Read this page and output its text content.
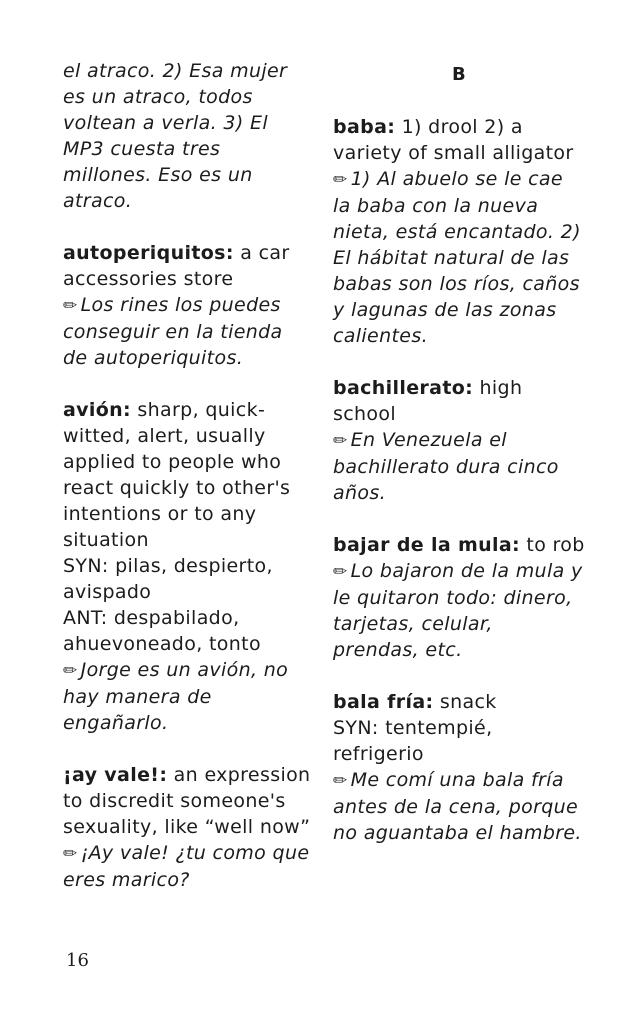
el atraco. 2) Esa mujer es un atraco, todos voltean a verla. 3) El MP3 cuesta tres millones. Eso es un atraco.

autoperiquitos: a car accessories store

✏ Los rines los puedes conseguir en la tienda de autoperiquitos.

avión: sharp, quick-witted, alert, usually applied to people who react quickly to other's intentions or to any situation

SYN: pilas, despierto, avispado

ANT: despabilado, ahuevoneado, tonto

✏ Jorge es un avión, no hay manera de engañarlo.

¡ay vale!: an expression to discredit someone's sexuality, like “well now”

✏ ¡Ay vale! ¿tu como que eres marico?

B

baba: 1) drool 2) a variety of small alligator

✏ 1) Al abuelo se le cae la baba con la nueva nieta, está encantado. 2) El hábitat natural de las babas son los ríos, caños y lagunas de las zonas calientes.

bachillerato: high school

✏ En Venezuela el bachillerato dura cinco años.

bajar de la mula: to rob

✏ Lo bajaron de la mula y le quitaron todo: dinero, tarjetas, celular, prendas, etc.

bala fría: snack

SYN: tentempié, refrigerio

✏ Me comí una bala fría antes de la cena, porque no aguantaba el hambre.

16
